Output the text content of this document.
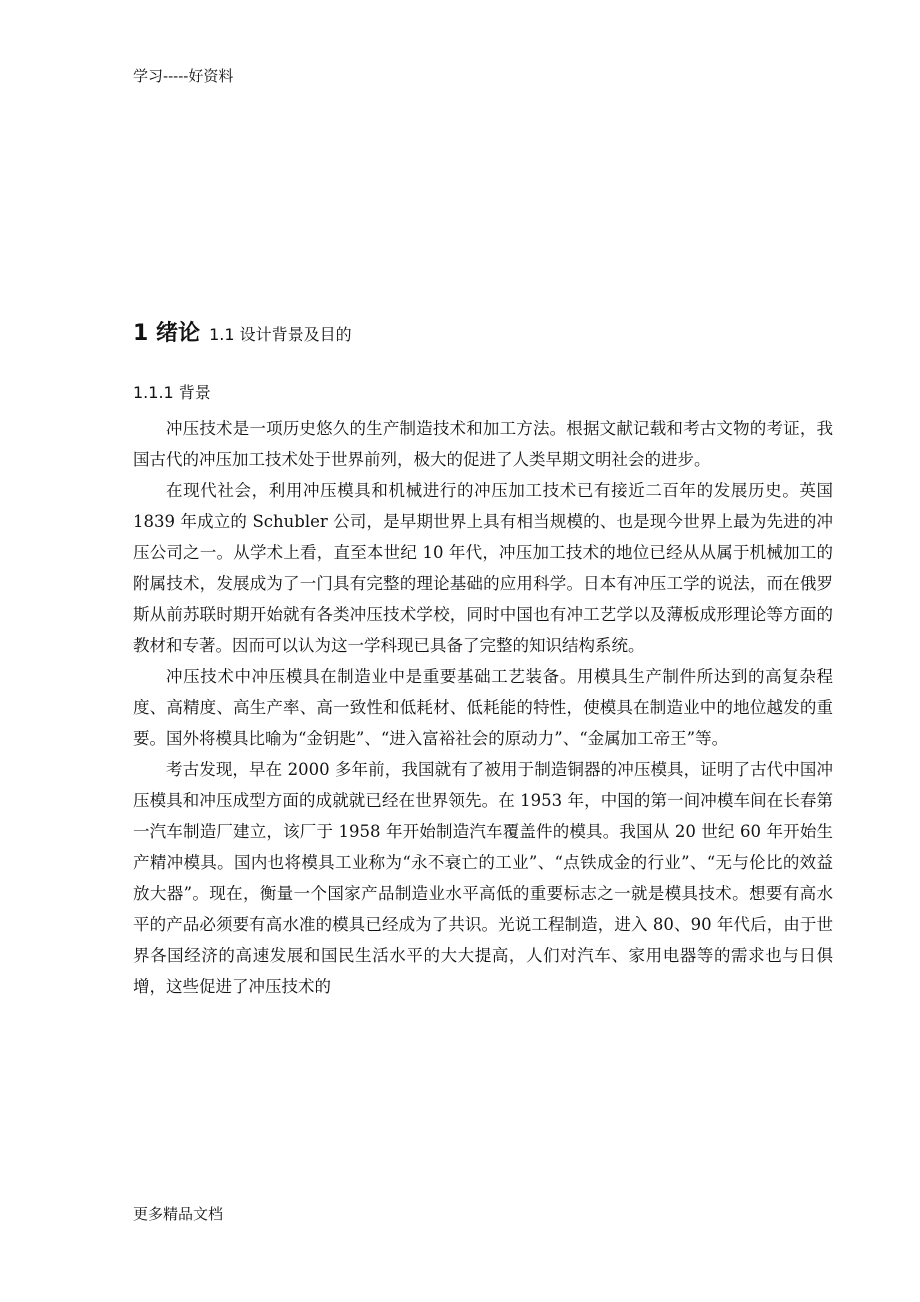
学习-----好资料
1 绪论 1.1 设计背景及目的
1.1.1 背景

冲压技术是一项历史悠久的生产制造技术和加工方法。根据文献记载和考古文物的考证，我国古代的冲压加工技术处于世界前列，极大的促进了人类早期文明社会的进步。

在现代社会，利用冲压模具和机械进行的冲压加工技术已有接近二百年的发展历史。英国 1839 年成立的 Schubler 公司，是早期世界上具有相当规模的、也是现今世界上最为先进的冲压公司之一。从学术上看，直至本世纪 10 年代，冲压加工技术的地位已经从从属于机械加工的附属技术，发展成为了一门具有完整的理论基础的应用科学。日本有冲压工学的说法，而在俄罗斯从前苏联时期开始就有各类冲压技术学校，同时中国也有冲工艺学以及薄板成形理论等方面的教材和专著。因而可以认为这一学科现已具备了完整的知识结构系统。

冲压技术中冲压模具在制造业中是重要基础工艺装备。用模具生产制件所达到的高复杂程度、高精度、高生产率、高一致性和低耗材、低耗能的特性，使模具在制造业中的地位越发的重要。国外将模具比喻为“金钥匙”、“进入富裕社会的原动力”、“金属加工帝王”等。

考古发现，早在 2000 多年前，我国就有了被用于制造铜器的冲压模具，证明了古代中国冲压模具和冲压成型方面的成就就已经在世界领先。在 1953 年，中国的第一间冲模车间在长春第一汽车制造厂建立，该厂于 1958 年开始制造汽车覆盖件的模具。我国从 20 世纪 60 年开始生产精冲模具。国内也将模具工业称为“永不衰亡的工业”、“点铁成金的行业”、“无与伦比的效益放大器”。现在，衡量一个国家产品制造业水平高低的重要标志之一就是模具技术。想要有高水平的产品必须要有高水准的模具已经成为了共识。光说工程制造，进入 80、90 年代后，由于世界各国经济的高速发展和国民生活水平的大大提高，人们对汽车、家用电器等的需求也与日俱增，这些促进了冲压技术的

更多精品文档
